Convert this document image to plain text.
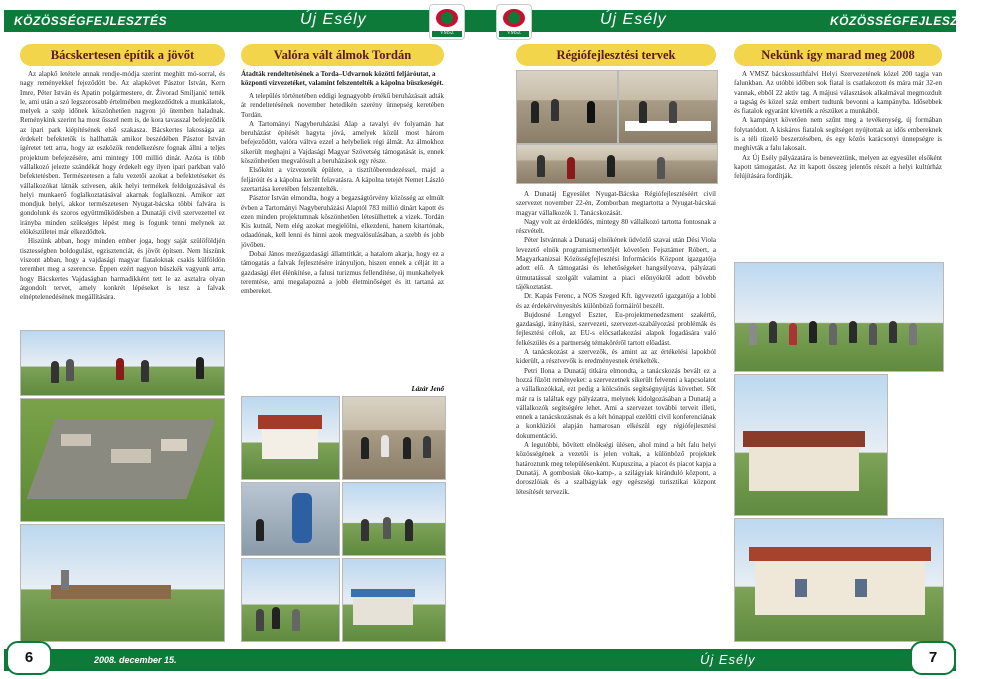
KÖZÖSSÉGFEJLESZTÉS	Új Esély
VMSZ
Bácskertesen építik a jövőt

Az alapkő letétele annak rendje-módja szerint meghitt mó-sorral, és nagy reményekkel fejeződött be. Az alapkövet Pásztor István, Kern Imre, Péter István és Apatin polgármestere, dr. Živorad Smiljanić tették le, ami után a szó legszorosabb értelmében megkezdődtek a munkálatok, melyek a szép időnek köszönhetően nagyon jó ütemben haladnak. Reménykink szerint ha most ősszel nem is, de kora tavasszal befejeződik az ipari park kiépítésének első szakasza. Bácskertes lakossága az érdekelt befektetők is hallhatták amikor beszédében Pásztor István ígéretet tett arra, hogy az eszközök rendelkezésre fognak állni a teljes projektum befejezésére, ami mintegy 100 millió dinár. Azóta is több vállalkozó jelezte szándékát hogy érdekelt egy ilyen ipari parkban való befektetésben. Természetesen a falu vezetői azokat a befektetéseket és vállalkozókat látnák szívesen, akik helyi termékek feldolgozásával és helyi munkaerő foglalkoztatásával akarnak foglalkozni. Amikor azt mondjuk helyi, akkor természetesen Nyugat-bácska többi falvára is gondolunk és szoros együttműködésben a Dunatáji civil szervezettel ez irányba minden szükséges lépést meg is fogunk tenni melynek az elökészületei már elkezdődtek.

Hiszünk abban, hogy minden ember joga, hogy saját szülőföldjén tisztességben boldogulást, egzisztenciát, és jövőt építsen. Nem hiszünk viszont abban, hogy a vajdasági magyar fiataloknak csakis külföldön teremhet meg a szerencse. Éppen ezért nagyon büszkék vagyunk arra, hogy Bácskertes Vajdaságban harmadikként tett le az asztalra olyan átgondolt tervet, amely konkrét lépéseket is tesz a falvak elnéptelenedésének megállítására.

Valóra vált álmok Tordán
Átadták rendeltetésének a Torda–Udvarnok közötti feljáróutat, a központi vízvezetéket, valamint felszentelték a kápolna büszkeségét.

A település történetében eddigi legnagyobb értékű beruházásait adták át rendeltetésének november hetedikén szerény ünnepség keretében Tordán.

A Tartományi Nagyberuházási Alap a tavalyi év folyamán hat beruházást építését hagyta jóvá, amelyek közül most három befejeződött, valóra váltva ezzel a helybeliek régi álmát. Az álmokhoz sikerült meghajni a Vajdasági Magyar Szövetség támogatását is, ennek köszönhetően megvalósult a beruházások egy része.

Elsőként a vízvezeték épülete, a tisztítóberendezéssel, majd a feljáróút és a kápolna került felavatásra. A kápolna tetejét Nemet László szertartása keretében felszentelték.

Pásztor István elmondta, hogy a begazságtörvény közösség az elmúlt évben a Tartományi Nagyberuházási Alaptól 783 millió dinárt kapott és ezen minden projektumnak köszönhetően létesülhettek a vizek. Tordán Kis kutnál, Nem elég azokat megjelölni, elkezdeni, hanem kitartónak, odaadónak, kell lenni és hinni azok megvalósulásában, a szebb és jobb jövőben.

Dobai János mezőgazdasági államtitkár, a hatalom akarja, hogy ez a támogatás a falvak fejlesztésére irányuljon, hiszen ennek a célját itt a gazdasági élet élénkítése, a falusi turizmus fellendítése, új munkahelyek teremtése, ami megalapozná a jobb életminőséget és itt tartaná az embereket.

Lázár Jenő
6	2008. december 15.
VMSZ
Új Esély	KÖZÖSSÉGFEJLESZTÉS
Régiófejlesztési tervek

A Dunatáj Egyesület Nyugat-Bácska Régiófejlesztéséért civil szervezet november 22-én, Zomborban megtartotta a Nyugat-bácskai magyar vállalkozók 1. Tanácskozását.

Nagy volt az érdeklődés, mintegy 80 vállalkozó tartotta fontosnak a részvételt.

Péter Istvánnak a Dunatáj elnökének üdvözlő szavai után Dési Viola levezető elnök programismertetőjét követően Fejsztámer Róbert, a Magyarkanizsai Közösségfejlesztési Információs Központ igazgatója adott elő. A támogatási és lehetőségeket hangsúlyozva, pályázati útmutatással szolgált valamint a piaci előnyökről adott bővebb tájékoztatást.

Dr. Kapás Ferenc, a NOS Szeged Kft. ügyvezető igazgatója a lobbi és az érdekérvényesítés különböző formáiról beszélt.

Bujdosné Lengyel Eszter, Eu-projektmenedzsment szakértő, gazdasági, irányítási, szervezeti, szervezet-szabályozási problémák és fejlesztési célok, az EU-s előcsatlakozási alapok fogadására való felkészülés és a partnerség témaköréről tartott előadást.

A tanácskozást a szervezők, és amint az az értékelési lapokból kiderült, a résztvevők is eredményesnek értékelték.

Petri Ilona a Dunatáj titkára elmondta, a tanácskozás bevált ez a hozzá fűzött reményeket: a szervezetnek sikerült felvenni a kapcsolatot a vállalkozókkal, ezt pedig a kölcsönös segítségnyújtás követhet. Sőt már ra is találtak egy pályázatra, melynek kidolgozásában a Dunatáj a vállalkozók segítségére lehet. Ami a szervezet további terveit illeti, ennek a tanácskozásnak és a két hónappal ezelőtti civil konferenciának a konklúziói alapján hamarosan elkészül egy régiófejlesztési dokumentáció.

A legutóbbi, bővített elnökségi ülésen, ahol mind a hét falu helyi közösségének a vezetői is jelen voltak, a különböző projektek határoztunk meg településenként. Kupuszina, a piacot és piacot kapja a Dunatáj. A gombosiak öko-kamp-, a szilágyiak kiránduló központ, a doroszlóiak és a szalbágyiak egy egészségi turisztikai központ létesítését tervezik.

Nekünk így marad meg 2008

A VMSZ bácskossuthfalvi Helyi Szervezetének közel 200 tagja van falunkban. Az utóbbi időben sok fiatal is csatlakozott és mára már 32-en vannak, ebből 22 aktív tag. A májusi választások alkalmával megmozdult a tagság és közel száz embert tudtunk bevonni a kampányba. Idősebbek és fiatalok egyaránt kivették a részüket a munkából.

A kampányt követően nem szűnt meg a tevékenység, új formában folytatódott. A kiskáros fiatalok segítséget nyújtottak az idős embereknek is a téli tüzelő beszerzésében, és egy közös karácsonyi ünnepségre is meghívták a falu lakosait.

Az Új Esély pályázatára is beneveztünk, melyen az egyesület elsőként kapott támogatást. Az itt kapott összeg jelentős részét a helyi kultúrház felújítására fordítják.

Új Esély	7
